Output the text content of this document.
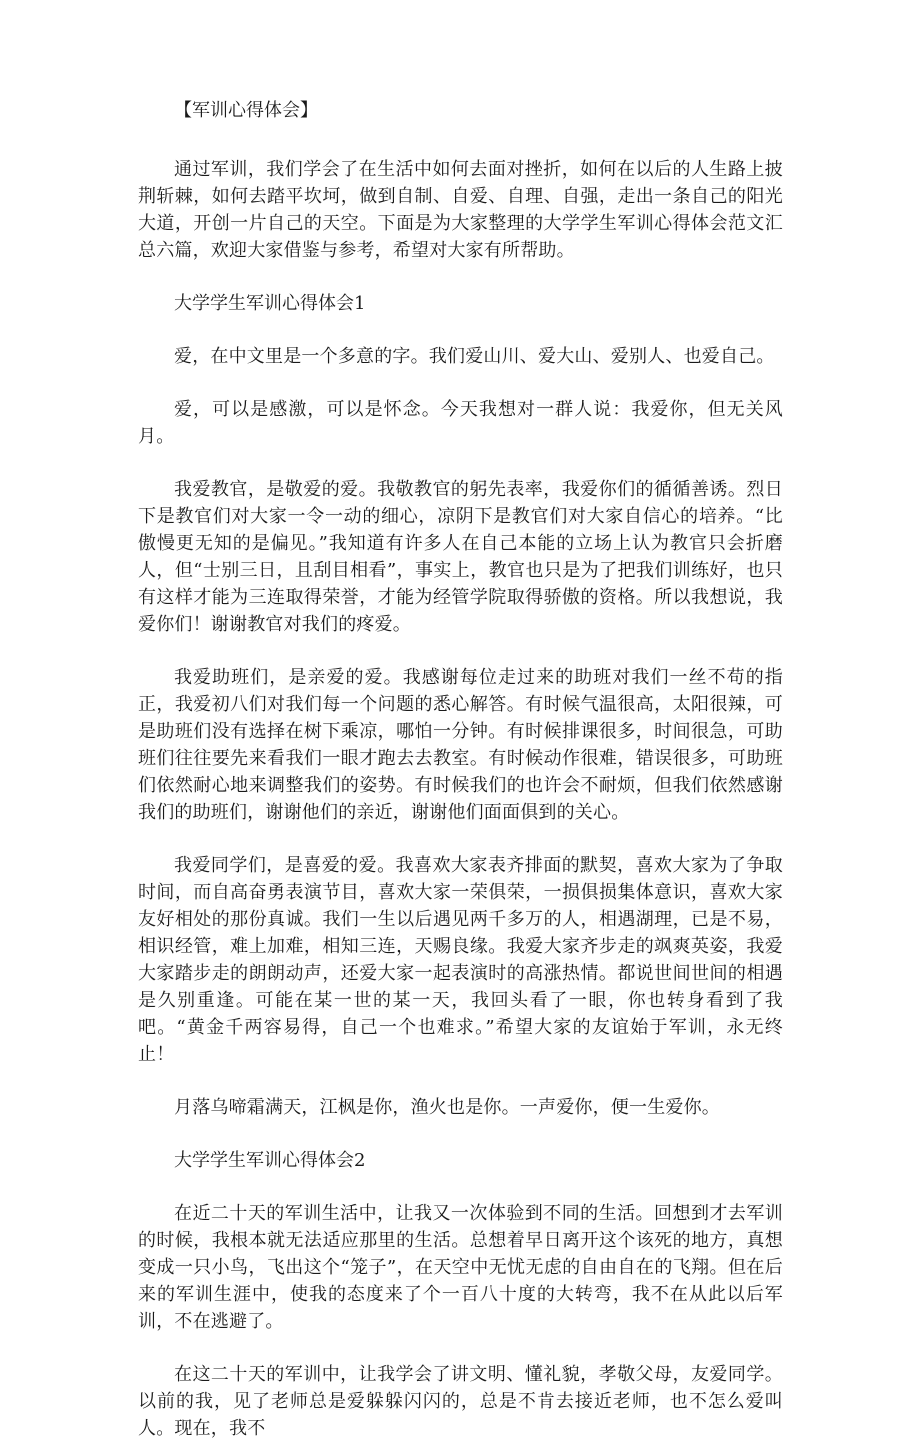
【军训心得体会】

通过军训，我们学会了在生活中如何去面对挫折，如何在以后的人生路上披荆斩棘，如何去踏平坎坷，做到自制、自爱、自理、自强，走出一条自己的阳光大道，开创一片自己的天空。下面是为大家整理的大学学生军训心得体会范文汇总六篇，欢迎大家借鉴与参考，希望对大家有所帮助。

大学学生军训心得体会1

爱，在中文里是一个多意的字。我们爱山川、爱大山、爱别人、也爱自己。

爱，可以是感激，可以是怀念。今天我想对一群人说：我爱你，但无关风月。

我爱教官，是敬爱的爱。我敬教官的躬先表率，我爱你们的循循善诱。烈日下是教官们对大家一令一动的细心，凉阴下是教官们对大家自信心的培养。“比傲慢更无知的是偏见。”我知道有许多人在自己本能的立场上认为教官只会折磨人，但“士别三日，且刮目相看”，事实上，教官也只是为了把我们训练好，也只有这样才能为三连取得荣誉，才能为经管学院取得骄傲的资格。所以我想说，我爱你们！谢谢教官对我们的疼爱。

我爱助班们，是亲爱的爱。我感谢每位走过来的助班对我们一丝不苟的指正，我爱初八们对我们每一个问题的悉心解答。有时候气温很高，太阳很辣，可是助班们没有选择在树下乘凉，哪怕一分钟。有时候排课很多，时间很急，可助班们往往要先来看我们一眼才跑去去教室。有时候动作很难，错误很多，可助班们依然耐心地来调整我们的姿势。有时候我们的也许会不耐烦，但我们依然感谢我们的助班们，谢谢他们的亲近，谢谢他们面面俱到的关心。

我爱同学们，是喜爱的爱。我喜欢大家表齐排面的默契，喜欢大家为了争取时间，而自高奋勇表演节目，喜欢大家一荣俱荣，一损俱损集体意识，喜欢大家友好相处的那份真诚。我们一生以后遇见两千多万的人，相遇湖理，已是不易，相识经管，难上加难，相知三连，天赐良缘。我爱大家齐步走的飒爽英姿，我爱大家踏步走的朗朗动声，还爱大家一起表演时的高涨热情。都说世间世间的相遇是久别重逢。可能在某一世的某一天，我回头看了一眼，你也转身看到了我吧。“黄金千两容易得，自己一个也难求。”希望大家的友谊始于军训，永无终止！

月落乌啼霜满天，江枫是你，渔火也是你。一声爱你，便一生爱你。

大学学生军训心得体会2

在近二十天的军训生活中，让我又一次体验到不同的生活。回想到才去军训的时候，我根本就无法适应那里的生活。总想着早日离开这个该死的地方，真想变成一只小鸟，飞出这个“笼子”，在天空中无忧无虑的自由自在的飞翔。但在后来的军训生涯中，使我的态度来了个一百八十度的大转弯，我不在从此以后军训，不在逃避了。

在这二十天的军训中，让我学会了讲文明、懂礼貌，孝敬父母，友爱同学。以前的我，见了老师总是爱躲躲闪闪的，总是不肯去接近老师，也不怎么爱叫人。现在，我不
